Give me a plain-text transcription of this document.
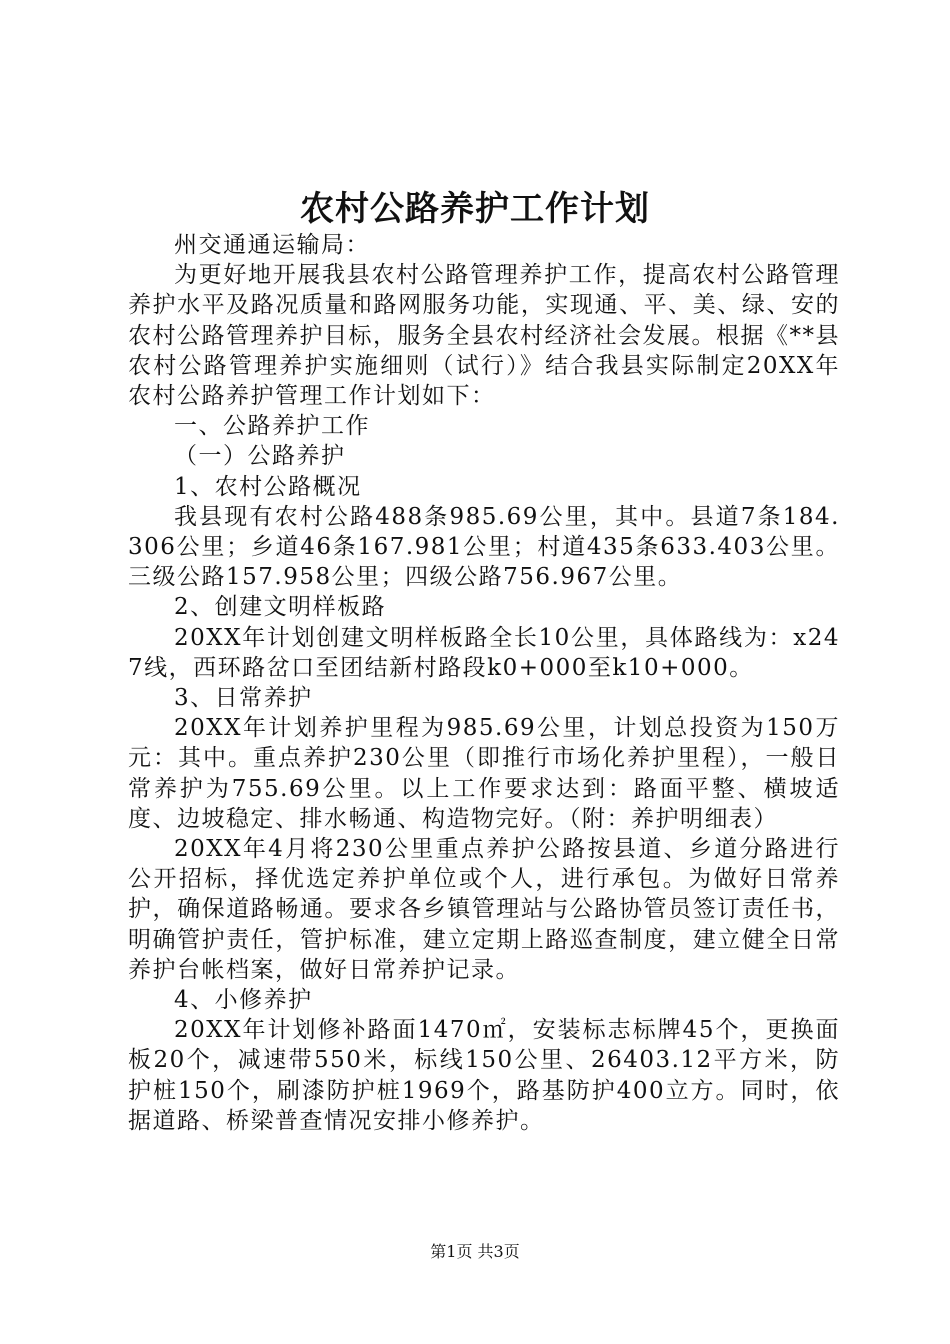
农村公路养护工作计划

州交通通运输局：

为更好地开展我县农村公路管理养护工作，提高农村公路管理养护水平及路况质量和路网服务功能，实现通、平、美、绿、安的农村公路管理养护目标，服务全县农村经济社会发展。根据《**县农村公路管理养护实施细则（试行）》结合我县实际制定20XX年农村公路养护管理工作计划如下：

一、公路养护工作

（一）公路养护

1、农村公路概况

我县现有农村公路488条985.69公里，其中。县道7条184.306公里；乡道46条167.981公里；村道435条633.403公里。三级公路157.958公里；四级公路756.967公里。

2、创建文明样板路

20XX年计划创建文明样板路全长10公里，具体路线为：x247线，西环路岔口至团结新村路段k0+000至k10+000。

3、日常养护

20XX年计划养护里程为985.69公里，计划总投资为150万元：其中。重点养护230公里（即推行市场化养护里程），一般日常养护为755.69公里。以上工作要求达到：路面平整、横坡适度、边坡稳定、排水畅通、构造物完好。（附：养护明细表）

20XX年4月将230公里重点养护公路按县道、乡道分路进行公开招标，择优选定养护单位或个人，进行承包。为做好日常养护，确保道路畅通。要求各乡镇管理站与公路协管员签订责任书，明确管护责任，管护标准，建立定期上路巡查制度，建立健全日常养护台帐档案，做好日常养护记录。

4、小修养护

20XX年计划修补路面1470㎡，安装标志标牌45个，更换面板20个，减速带550米，标线150公里、26403.12平方米，防护桩150个，刷漆防护桩1969个，路基防护400立方。同时，依据道路、桥梁普查情况安排小修养护。

第1页 共3页
